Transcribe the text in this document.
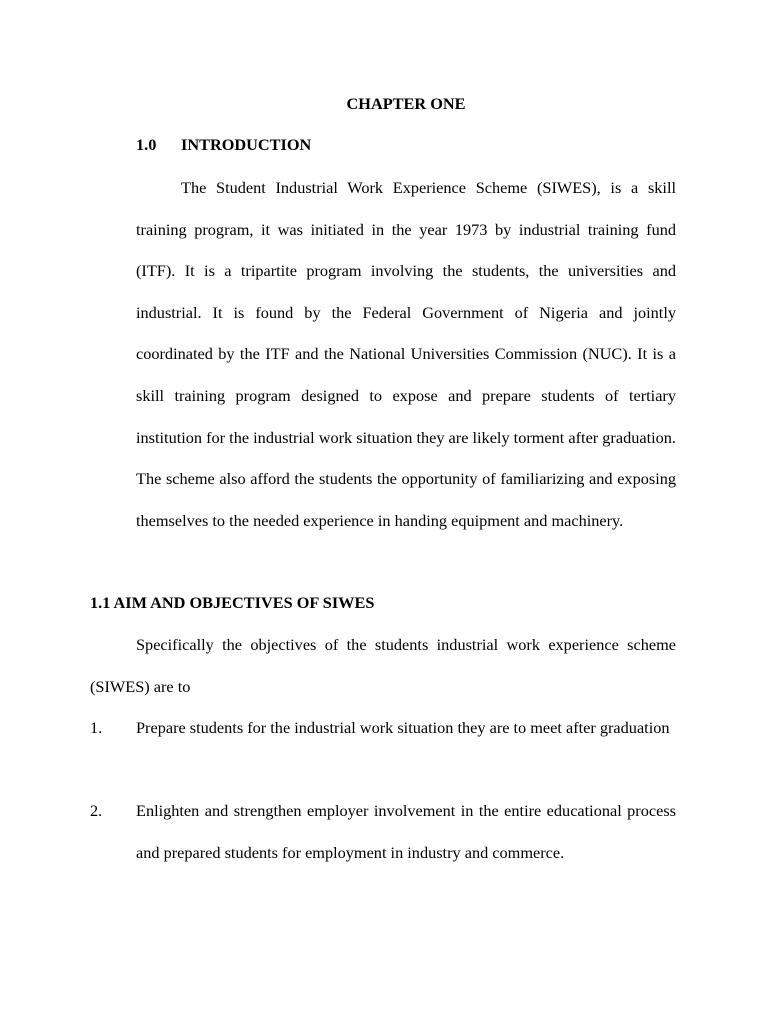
CHAPTER ONE
1.0 INTRODUCTION

The Student Industrial Work Experience Scheme (SIWES), is a skill training program, it was initiated in the year 1973 by industrial training fund (ITF). It is a tripartite program involving the students, the universities and industrial. It is found by the Federal Government of Nigeria and jointly coordinated by the ITF and the National Universities Commission (NUC). It is a skill training program designed to expose and prepare students of tertiary institution for the industrial work situation they are likely torment after graduation. The scheme also afford the students the opportunity of familiarizing and exposing themselves to the needed experience in handing equipment and machinery.

1.1 AIM AND OBJECTIVES OF SIWES

Specifically the objectives of the students industrial work experience scheme (SIWES) are to

1. Prepare students for the industrial work situation they are to meet after graduation
2. Enlighten and strengthen employer involvement in the entire educational process and prepared students for employment in industry and commerce.
